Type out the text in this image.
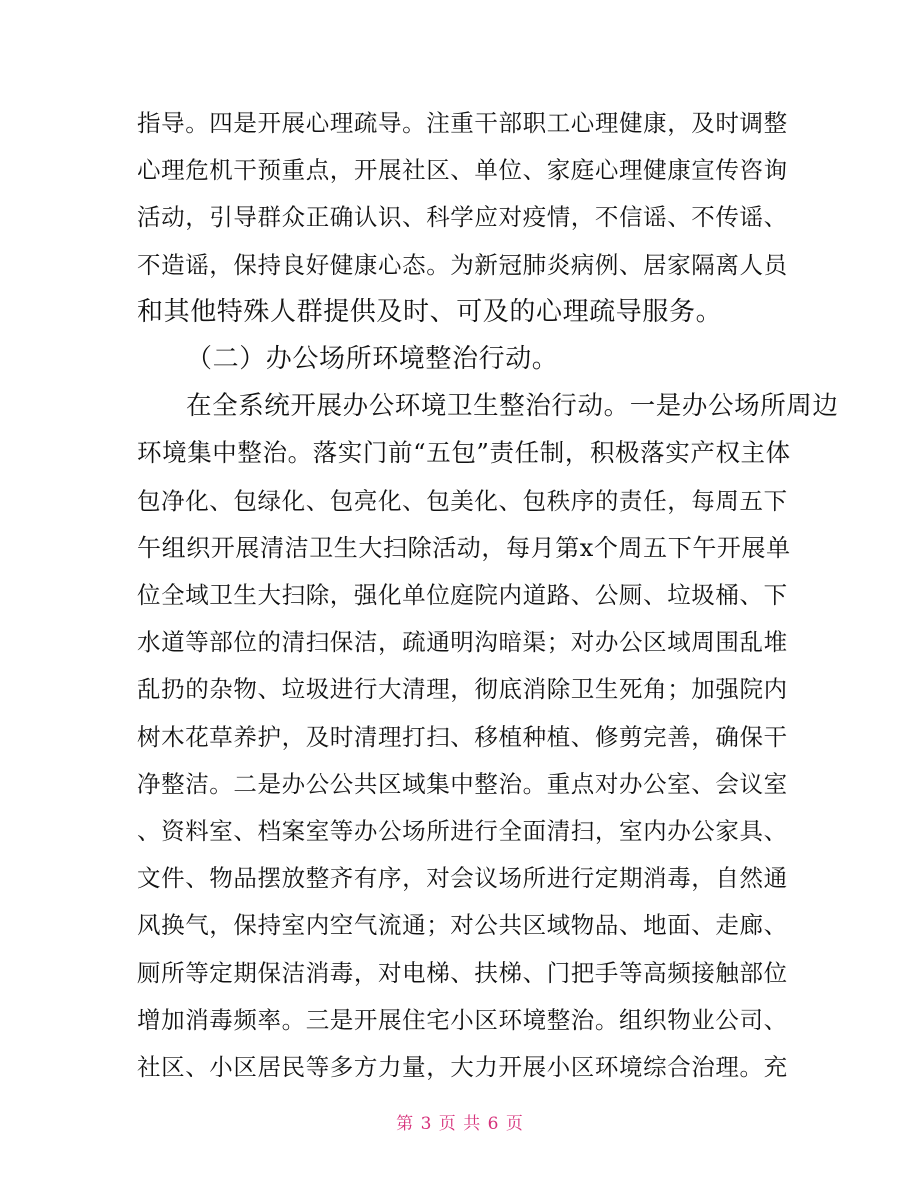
指导。四是开展心理疏导。注重干部职工心理健康，及时调整
心理危机干预重点，开展社区、单位、家庭心理健康宣传咨询
活动，引导群众正确认识、科学应对疫情，不信谣、不传谣、
不造谣，保持良好健康心态。为新冠肺炎病例、居家隔离人员
和其他特殊人群提供及时、可及的心理疏导服务。
（二）办公场所环境整治行动。
在全系统开展办公环境卫生整治行动。一是办公场所周边
环境集中整治。落实门前“五包”责任制，积极落实产权主体
包净化、包绿化、包亮化、包美化、包秩序的责任，每周五下
午组织开展清洁卫生大扫除活动，每月第x个周五下午开展单
位全域卫生大扫除，强化单位庭院内道路、公厕、垃圾桶、下
水道等部位的清扫保洁，疏通明沟暗渠；对办公区域周围乱堆
乱扔的杂物、垃圾进行大清理，彻底消除卫生死角；加强院内
树木花草养护，及时清理打扫、移植种植、修剪完善，确保干
净整洁。二是办公公共区域集中整治。重点对办公室、会议室
、资料室、档案室等办公场所进行全面清扫，室内办公家具、
文件、物品摆放整齐有序，对会议场所进行定期消毒，自然通
风换气，保持室内空气流通；对公共区域物品、地面、走廊、
厕所等定期保洁消毒，对电梯、扶梯、门把手等高频接触部位
增加消毒频率。三是开展住宅小区环境整治。组织物业公司、
社区、小区居民等多方力量，大力开展小区环境综合治理。充
第 3 页 共 6 页
